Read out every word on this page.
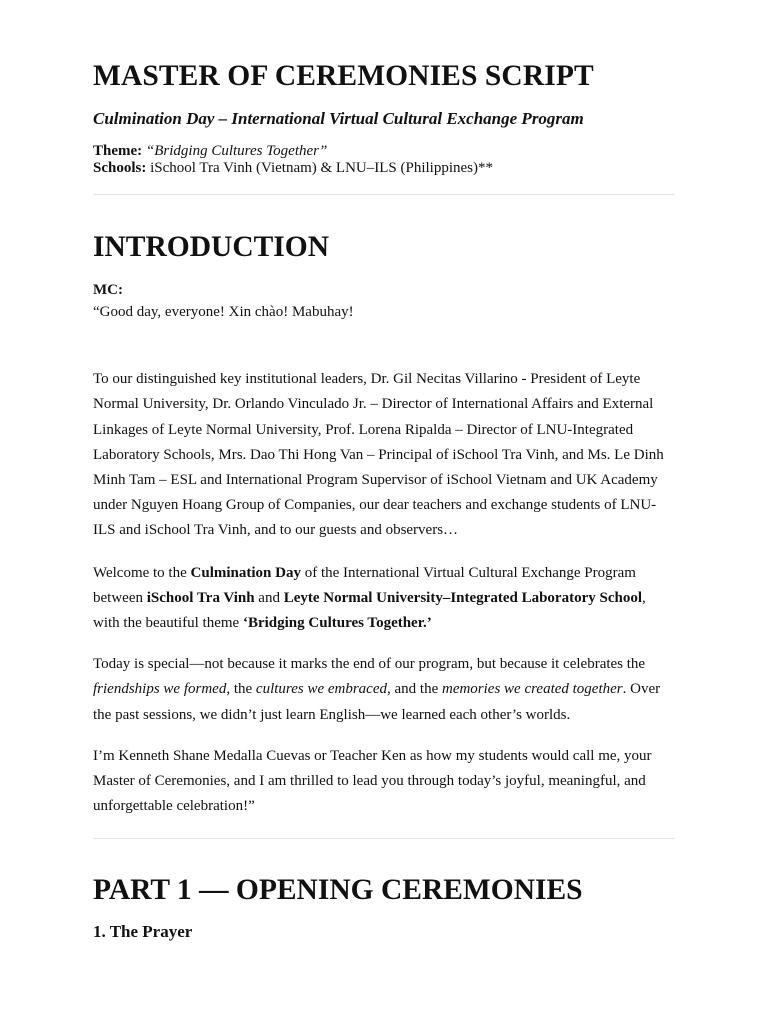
MASTER OF CEREMONIES SCRIPT
Culmination Day – International Virtual Cultural Exchange Program
Theme: “Bridging Cultures Together”
Schools: iSchool Tra Vinh (Vietnam) & LNU–ILS (Philippines)**
INTRODUCTION
MC:

“Good day, everyone! Xin chào! Mabuhay!

To our distinguished key institutional leaders, Dr. Gil Necitas Villarino - President of Leyte Normal University, Dr. Orlando Vinculado Jr. – Director of International Affairs and External Linkages of Leyte Normal University, Prof. Lorena Ripalda – Director of LNU-Integrated Laboratory Schools, Mrs. Dao Thi Hong Van – Principal of iSchool Tra Vinh, and Ms. Le Dinh Minh Tam – ESL and International Program Supervisor of iSchool Vietnam and UK Academy under Nguyen Hoang Group of Companies, our dear teachers and exchange students of LNU-ILS and iSchool Tra Vinh, and to our guests and observers…

Welcome to the Culmination Day of the International Virtual Cultural Exchange Program between iSchool Tra Vinh and Leyte Normal University–Integrated Laboratory School, with the beautiful theme ‘Bridging Cultures Together.’

Today is special—not because it marks the end of our program, but because it celebrates the friendships we formed, the cultures we embraced, and the memories we created together. Over the past sessions, we didn’t just learn English—we learned each other’s worlds.

I’m Kenneth Shane Medalla Cuevas or Teacher Ken as how my students would call me, your Master of Ceremonies, and I am thrilled to lead you through today’s joyful, meaningful, and unforgettable celebration!”

PART 1 — OPENING CEREMONIES
1. The Prayer
